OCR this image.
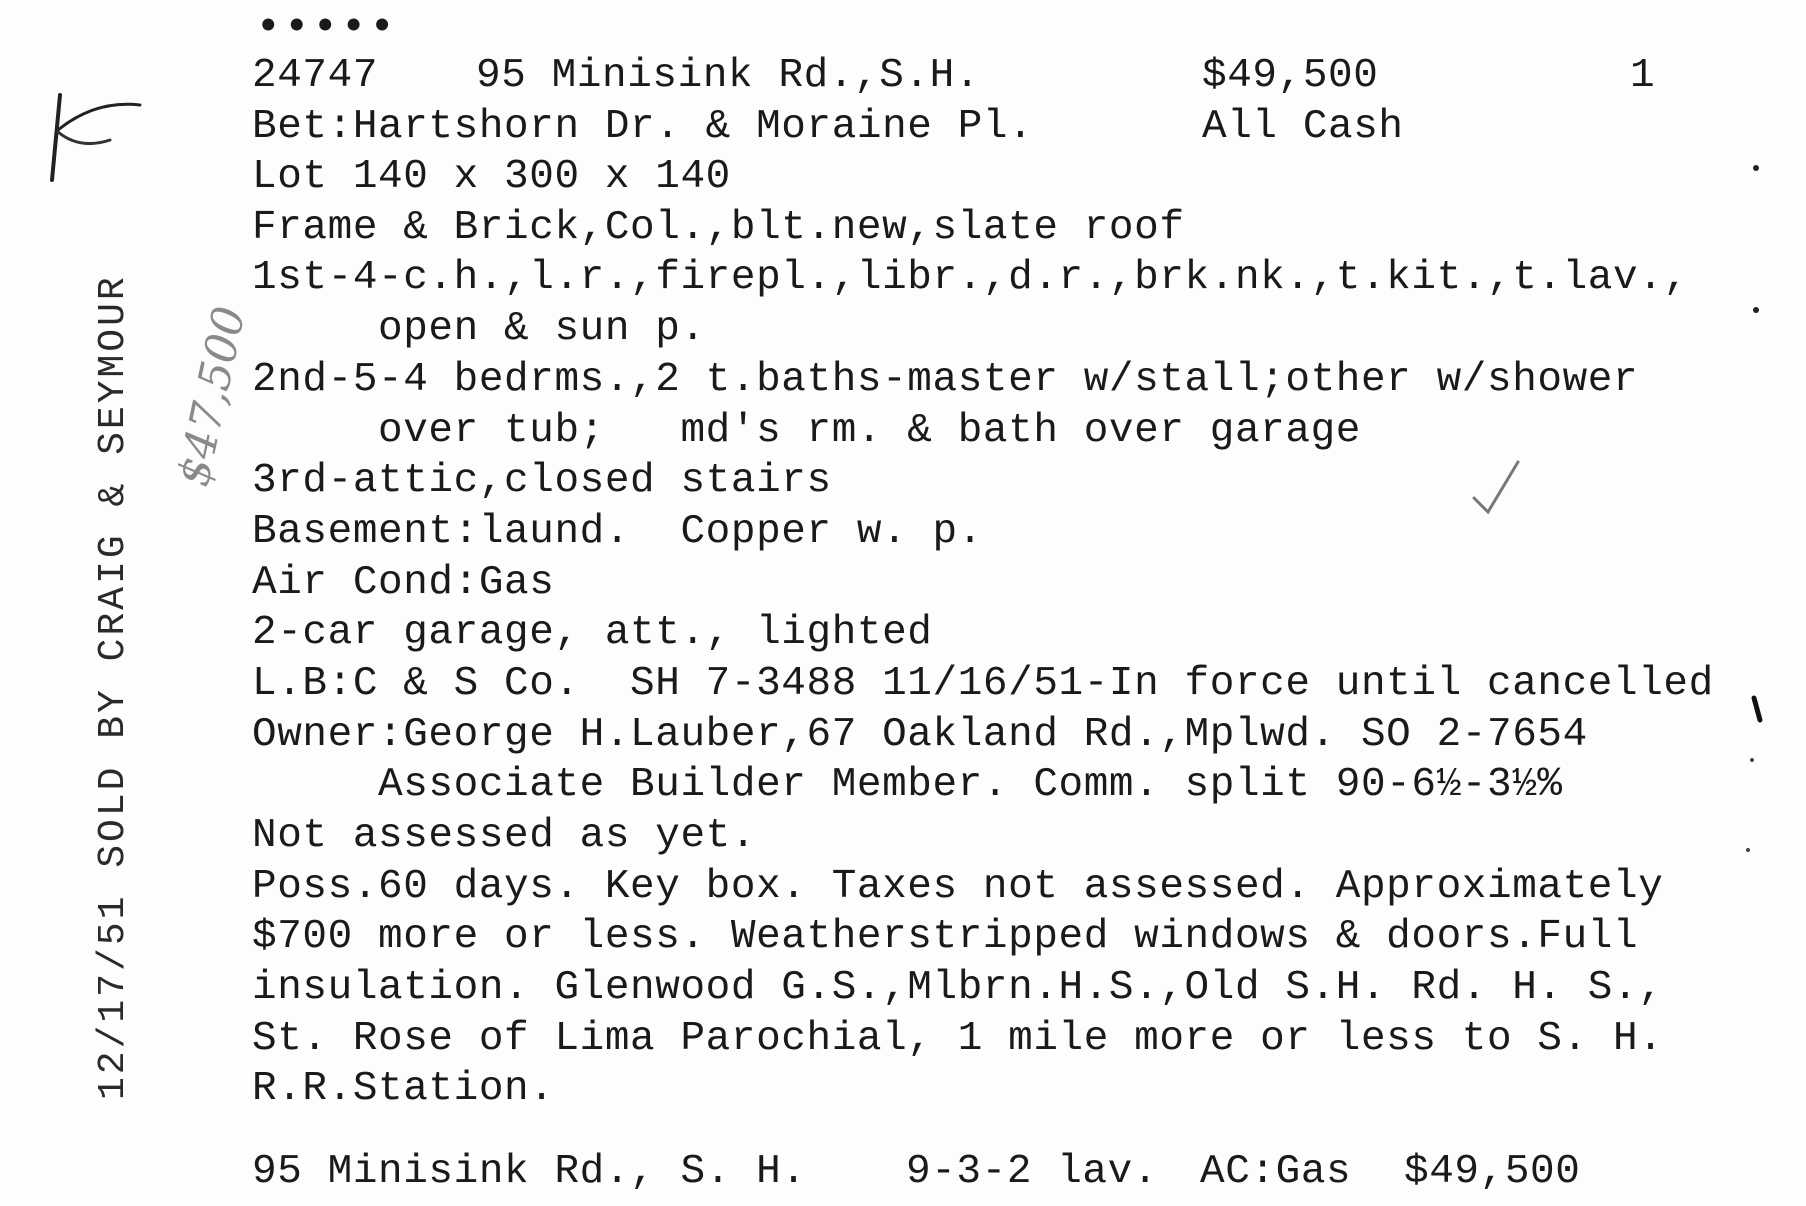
•••••
24747 95 Minisink Rd.,S.H.	$49,500	1
Bet:Hartshorn Dr. & Moraine Pl.	All Cash
Lot 140 x 300 x 140
Frame & Brick,Col.,blt.new,slate roof
1st-4-c.h.,l.r.,firepl.,libr.,d.r.,brk.nk.,t.kit.,t.lav.,
open & sun p.
2nd-5-4 bedrms.,2 t.baths-master w/stall;other w/shower
over tub;   md's rm. & bath over garage
3rd-attic,closed stairs
Basement:laund.  Copper w. p.
Air Cond:Gas
2-car garage, att., lighted
L.B:C & S Co.  SH 7-3488 11/16/51-In force until cancelled
Owner:George H.Lauber,67 Oakland Rd.,Mplwd. SO 2-7654
Associate Builder Member. Comm. split 90-6½-3½%
Not assessed as yet.
Poss.60 days. Key box. Taxes not assessed. Approximately
$700 more or less. Weatherstripped windows & doors.Full
insulation. Glenwood G.S.,Mlbrn.H.S.,Old S.H. Rd. H. S.,
St. Rose of Lima Parochial, 1 mile more or less to S. H.
R.R.Station.
95 Minisink Rd., S. H. 9-3-2 lav. AC:Gas $49,500
12/17/51 SOLD BY CRAIG & SEYMOUR $47,500
